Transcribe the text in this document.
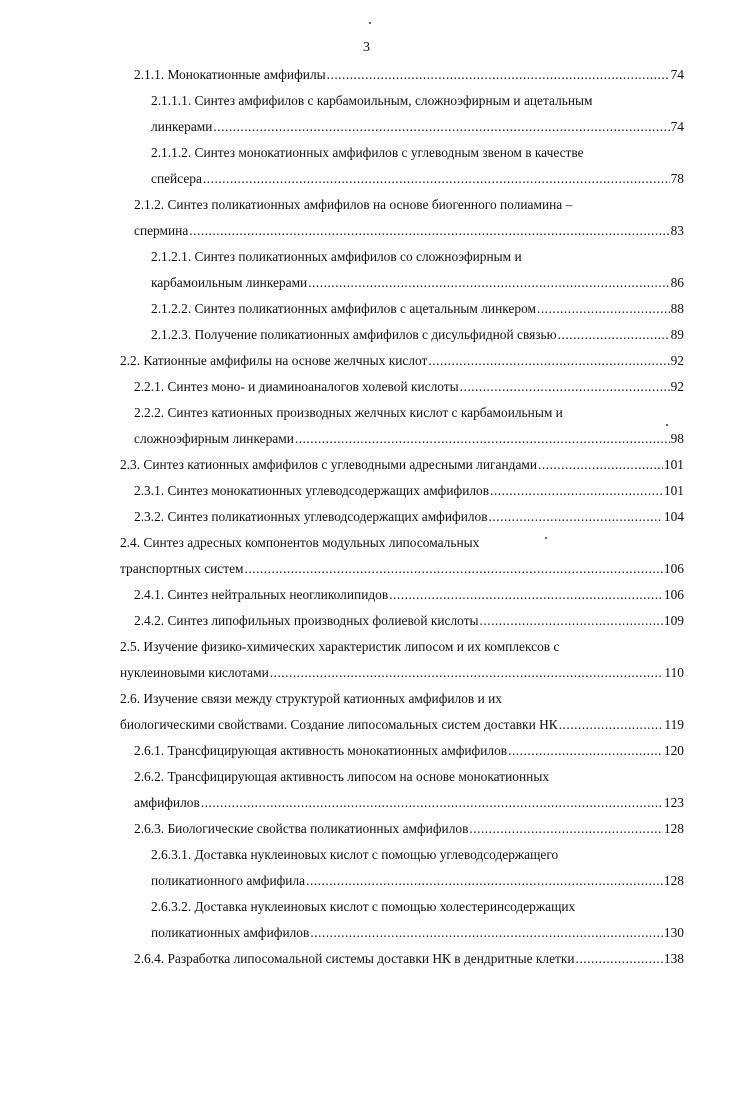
3
2.1.1. Монокатионные амфифилы .....	74
2.1.1.1. Синтез амфифилов с карбамоильным, сложноэфирным и ацетальным
линкерами .....	74
2.1.1.2. Синтез монокатионных амфифилов с углеводным звеном в качестве
спейсера .....	78
2.1.2. Синтез поликатионных амфифилов на основе биогенного полиамина –
спермина .....	83
2.1.2.1. Синтез поликатионных амфифилов со сложноэфирным и
карбамоильным линкерами .....	86
2.1.2.2. Синтез поликатионных амфифилов с ацетальным линкером .....	88
2.1.2.3. Получение поликатионных амфифилов с дисульфидной связью .....	89
2.2. Катионные амфифилы на основе желчных кислот .....	92
2.2.1. Синтез моно- и диаминоаналогов холевой кислоты .....	92
2.2.2. Синтез катионных производных желчных кислот с карбамоильным и
сложноэфирным линкерами .....	98
2.3. Синтез катионных амфифилов с углеводными адресными лигандами .....	101
2.3.1. Синтез монокатионных углеводсодержащих амфифилов .....	101
2.3.2. Синтез поликатионных углеводсодержащих амфифилов .....	104
2.4. Синтез адресных компонентов модульных липосомальных
транспортных систем .....	106
2.4.1. Синтез нейтральных неогликолипидов .....	106
2.4.2. Синтез липофильных производных фолиевой кислоты .....	109
2.5. Изучение физико-химических характеристик липосом и их комплексов с
нуклеиновыми кислотами .....	110
2.6. Изучение связи между структурой катионных амфифилов и их
биологическими свойствами. Создание липосомальных систем доставки НК .....	119
2.6.1. Трансфицирующая активность монокатионных амфифилов .....	120
2.6.2. Трансфицирующая активность липосом на основе монокатионных
амфифилов .....	123
2.6.3. Биологические свойства поликатионных амфифилов .....	128
2.6.3.1. Доставка нуклеиновых кислот с помощью углеводсодержащего
поликатионного амфифила .....	128
2.6.3.2. Доставка нуклеиновых кислот с помощью холестеринсодержащих
поликатионных амфифилов .....	130
2.6.4. Разработка липосомальной системы доставки НК в дендритные клетки .....	138
